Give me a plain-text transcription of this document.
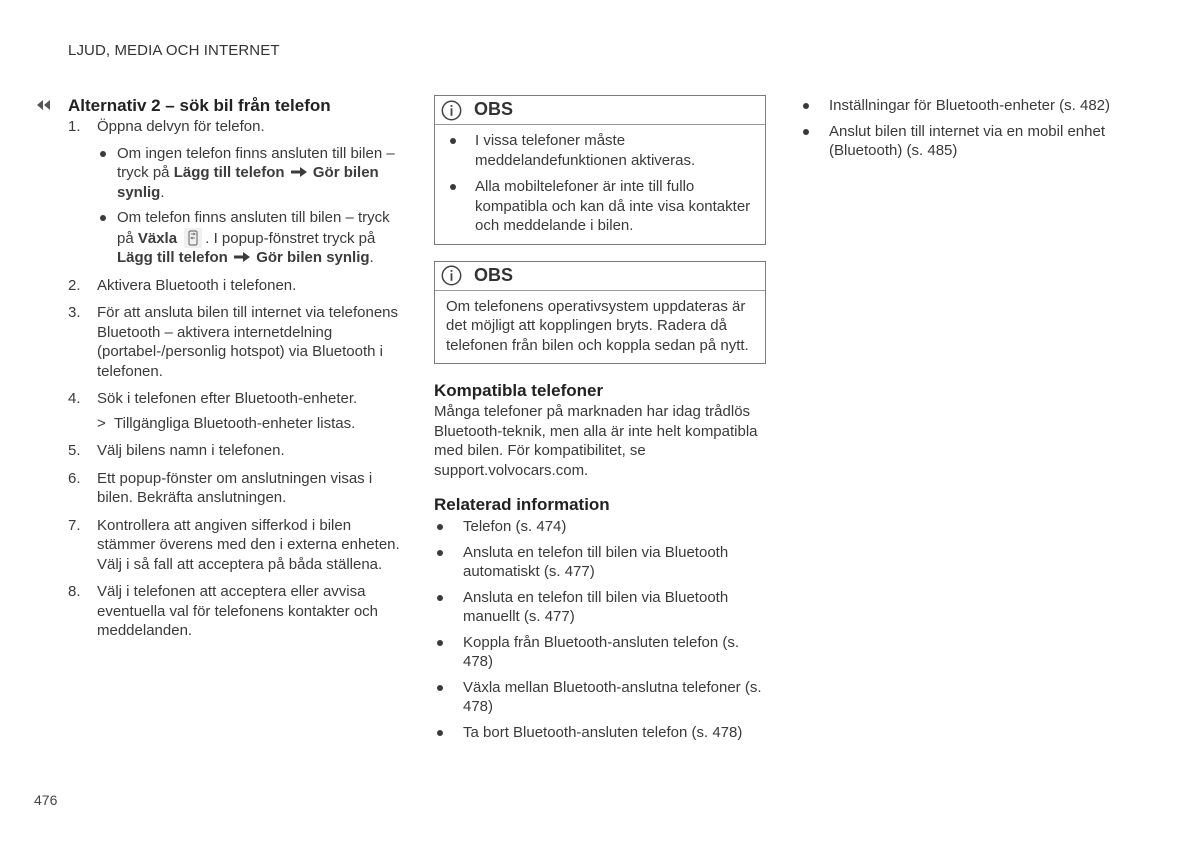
LJUD, MEDIA OCH INTERNET
Alternativ 2 – sök bil från telefon
1. Öppna delvyn för telefon.
Om ingen telefon finns ansluten till bilen – tryck på Lägg till telefon Gör bilen synlig.
Om telefon finns ansluten till bilen – tryck på Växla . I popup-fönstret tryck på Lägg till telefon Gör bilen synlig.
2. Aktivera Bluetooth i telefonen.
3. För att ansluta bilen till internet via telefonens Bluetooth – aktivera internetdelning (portabel-/personlig hotspot) via Bluetooth i telefonen.
4. Sök i telefonen efter Bluetooth-enheter.
> Tillgängliga Bluetooth-enheter listas.
5. Välj bilens namn i telefonen.
6. Ett popup-fönster om anslutningen visas i bilen. Bekräfta anslutningen.
7. Kontrollera att angiven sifferkod i bilen stämmer överens med den i externa enheten. Välj i så fall att acceptera på båda ställena.
8. Välj i telefonen att acceptera eller avvisa eventuella val för telefonens kontakter och meddelanden.
OBS
I vissa telefoner måste meddelandefunktionen aktiveras.
Alla mobiltelefoner är inte till fullo kompatibla och kan då inte visa kontakter och meddelande i bilen.
OBS
Om telefonens operativsystem uppdateras är det möjligt att kopplingen bryts. Radera då telefonen från bilen och koppla sedan på nytt.
Kompatibla telefoner
Många telefoner på marknaden har idag trådlös Bluetooth-teknik, men alla är inte helt kompatibla med bilen. För kompatibilitet, se support.volvocars.com.
Relaterad information
Telefon (s. 474)
Ansluta en telefon till bilen via Bluetooth automatiskt (s. 477)
Ansluta en telefon till bilen via Bluetooth manuellt (s. 477)
Koppla från Bluetooth-ansluten telefon (s. 478)
Växla mellan Bluetooth-anslutna telefoner (s. 478)
Ta bort Bluetooth-ansluten telefon (s. 478)
Inställningar för Bluetooth-enheter (s. 482)
Anslut bilen till internet via en mobil enhet (Bluetooth) (s. 485)
476
